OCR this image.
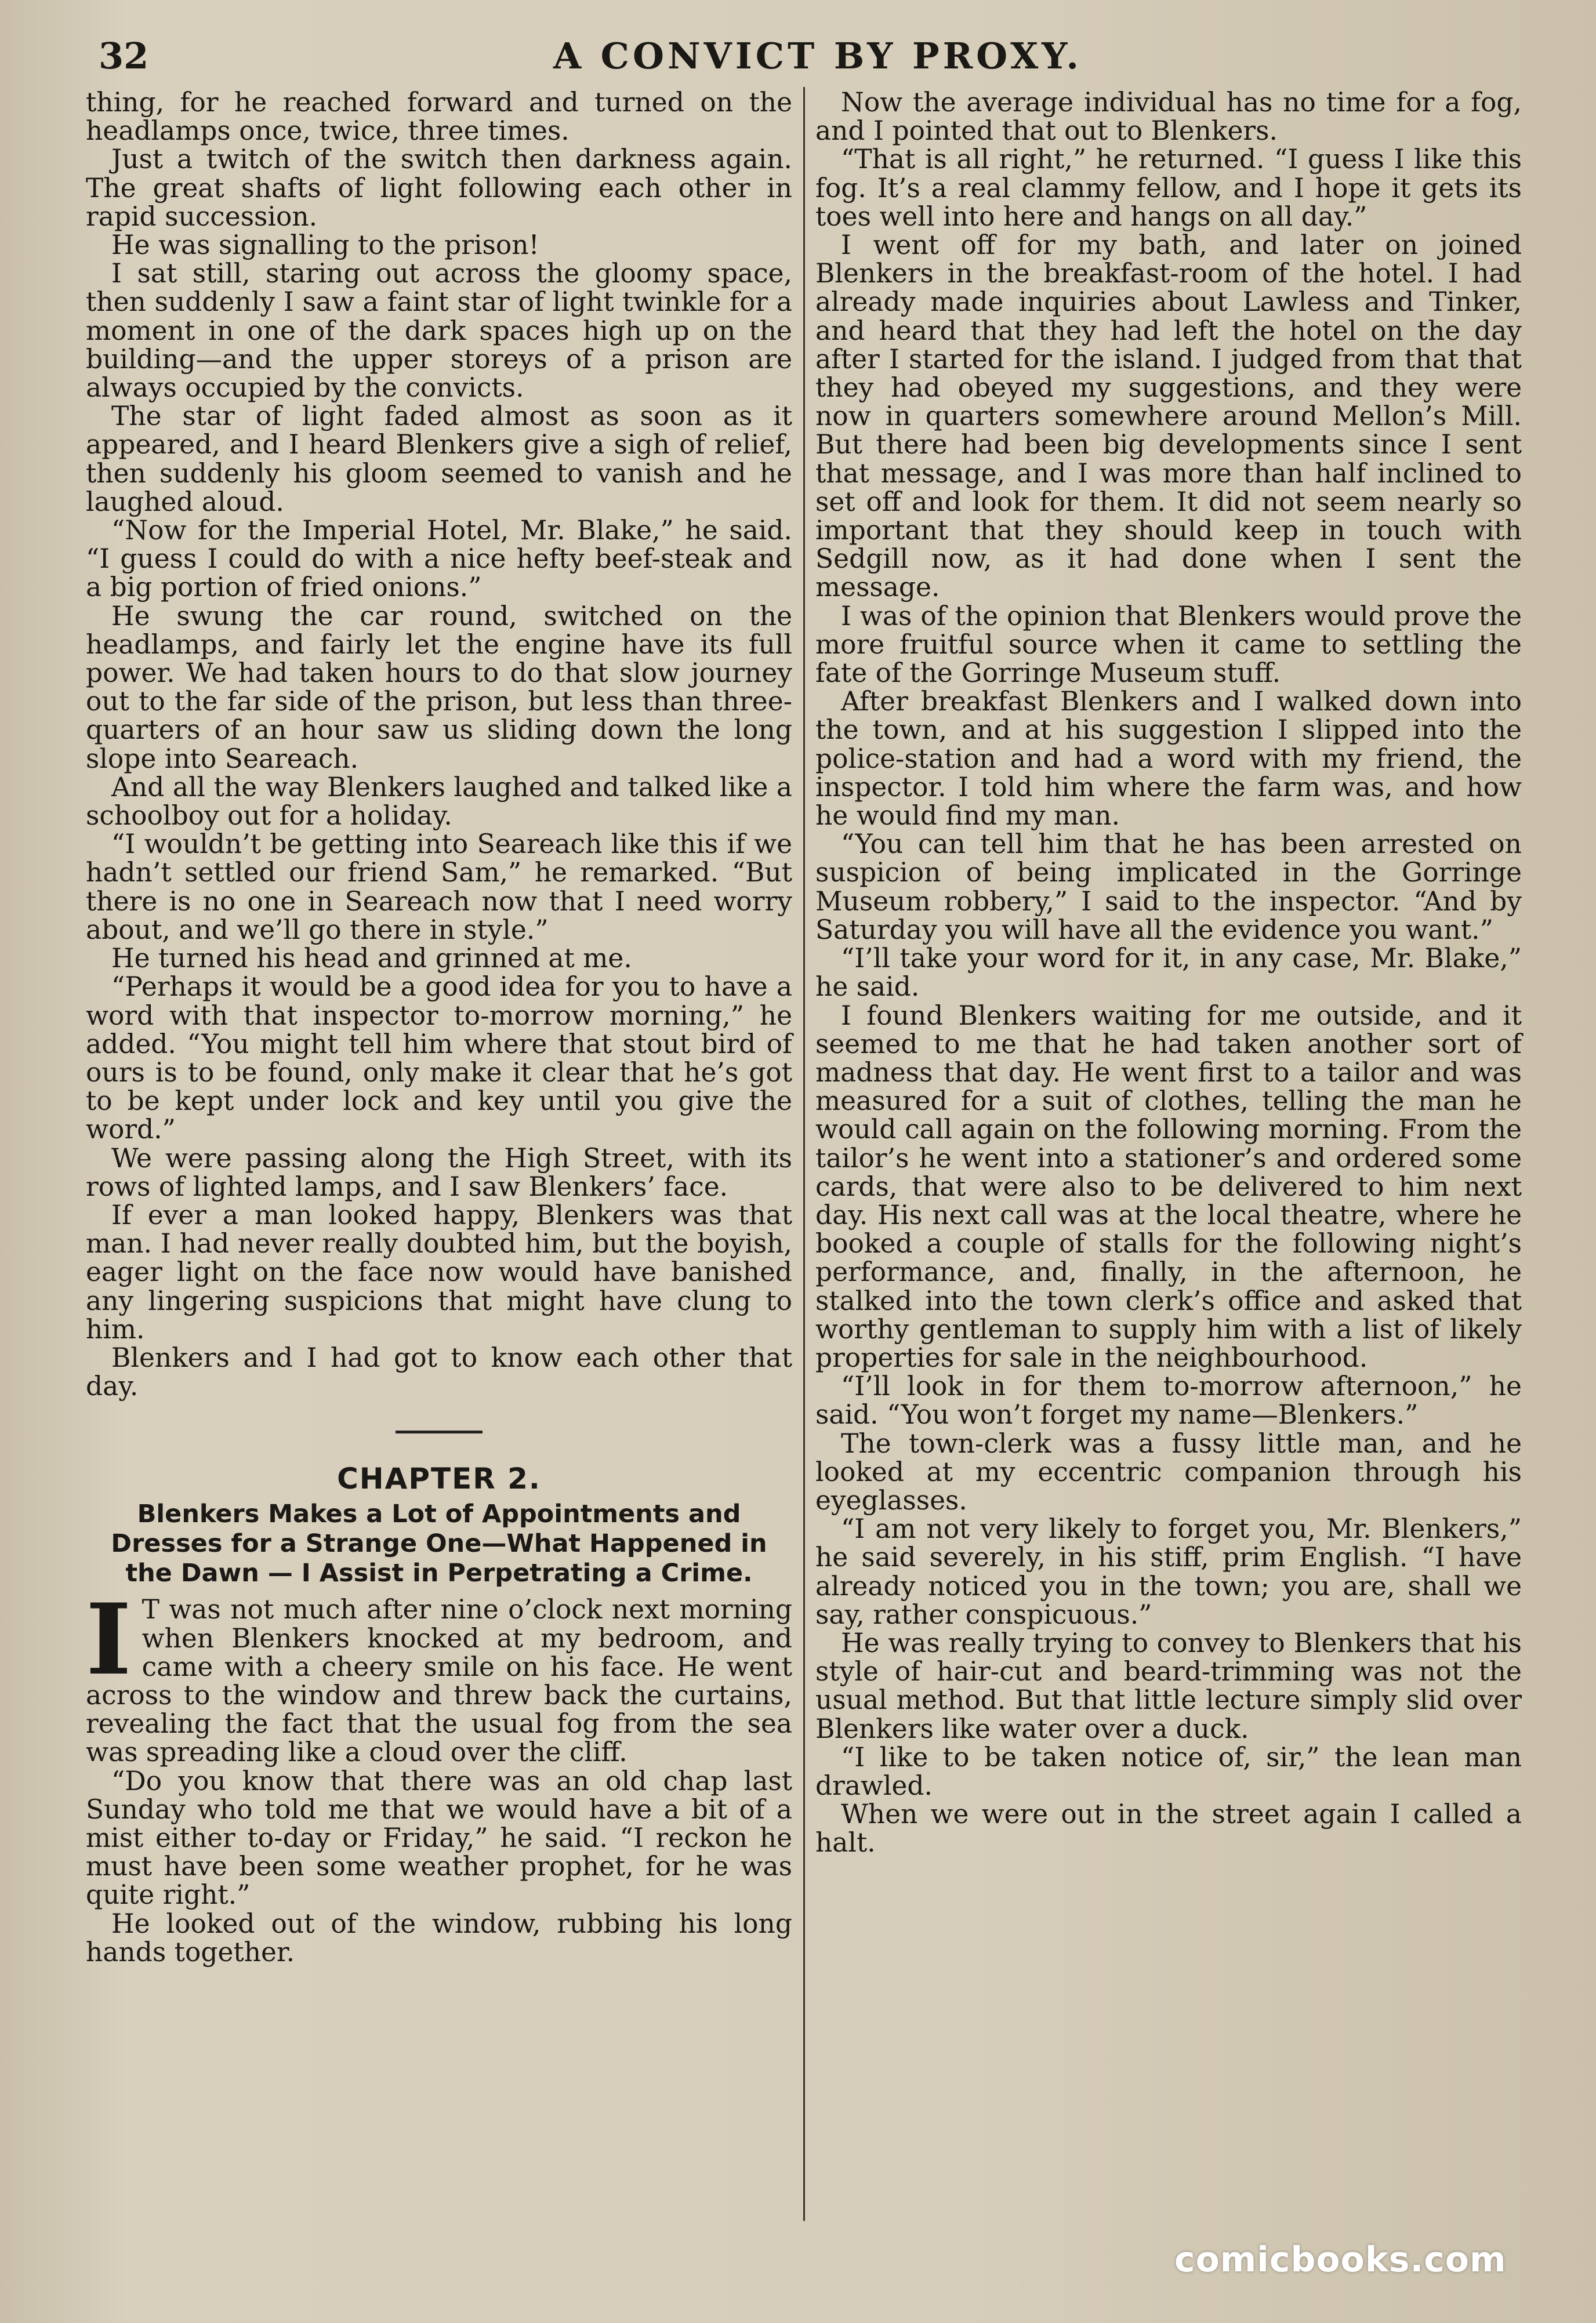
32	A CONVICT BY PROXY.

thing, for he reached forward and turned on the headlamps once, twice, three times.

Just a twitch of the switch then darkness again. The great shafts of light following each other in rapid succession.

He was signalling to the prison!

I sat still, staring out across the gloomy space, then suddenly I saw a faint star of light twinkle for a moment in one of the dark spaces high up on the building—and the upper storeys of a prison are always occupied by the convicts.

The star of light faded almost as soon as it appeared, and I heard Blenkers give a sigh of relief, then suddenly his gloom seemed to vanish and he laughed aloud.

“Now for the Imperial Hotel, Mr. Blake,” he said. “I guess I could do with a nice hefty beef-steak and a big portion of fried onions.”

He swung the car round, switched on the headlamps, and fairly let the engine have its full power. We had taken hours to do that slow journey out to the far side of the prison, but less than three-quarters of an hour saw us sliding down the long slope into Seareach.

And all the way Blenkers laughed and talked like a schoolboy out for a holiday.

“I wouldn’t be getting into Seareach like this if we hadn’t settled our friend Sam,” he remarked. “But there is no one in Seareach now that I need worry about, and we’ll go there in style.”

He turned his head and grinned at me.

“Perhaps it would be a good idea for you to have a word with that inspector to-morrow morning,” he added. “You might tell him where that stout bird of ours is to be found, only make it clear that he’s got to be kept under lock and key until you give the word.”

We were passing along the High Street, with its rows of lighted lamps, and I saw Blenkers’ face.

If ever a man looked happy, Blenkers was that man. I had never really doubted him, but the boyish, eager light on the face now would have banished any lingering suspicions that might have clung to him.

Blenkers and I had got to know each other that day.

CHAPTER 2.
Blenkers Makes a Lot of Appointments and Dresses for a Strange One—What Happened in the Dawn — I Assist in Perpetrating a Crime.

I T was not much after nine o’clock next morning when Blenkers knocked at my bedroom, and came with a cheery smile on his face. He went across to the window and threw back the curtains, revealing the fact that the usual fog from the sea was spreading like a cloud over the cliff.

“Do you know that there was an old chap last Sunday who told me that we would have a bit of a mist either to-day or Friday,” he said. “I reckon he must have been some weather prophet, for he was quite right.”

He looked out of the window, rubbing his long hands together.

Now the average individual has no time for a fog, and I pointed that out to Blenkers.

“That is all right,” he returned. “I guess I like this fog. It’s a real clammy fellow, and I hope it gets its toes well into here and hangs on all day.”

I went off for my bath, and later on joined Blenkers in the breakfast-room of the hotel. I had already made inquiries about Lawless and Tinker, and heard that they had left the hotel on the day after I started for the island. I judged from that that they had obeyed my suggestions, and they were now in quarters somewhere around Mellon’s Mill. But there had been big developments since I sent that message, and I was more than half inclined to set off and look for them. It did not seem nearly so important that they should keep in touch with Sedgill now, as it had done when I sent the message.

I was of the opinion that Blenkers would prove the more fruitful source when it came to settling the fate of the Gorringe Museum stuff.

After breakfast Blenkers and I walked down into the town, and at his suggestion I slipped into the police-station and had a word with my friend, the inspector. I told him where the farm was, and how he would find my man.

“You can tell him that he has been arrested on suspicion of being implicated in the Gorringe Museum robbery,” I said to the inspector. “And by Saturday you will have all the evidence you want.”

“I’ll take your word for it, in any case, Mr. Blake,” he said.

I found Blenkers waiting for me outside, and it seemed to me that he had taken another sort of madness that day. He went first to a tailor and was measured for a suit of clothes, telling the man he would call again on the following morning. From the tailor’s he went into a stationer’s and ordered some cards, that were also to be delivered to him next day. His next call was at the local theatre, where he booked a couple of stalls for the following night’s performance, and, finally, in the afternoon, he stalked into the town clerk’s office and asked that worthy gentleman to supply him with a list of likely properties for sale in the neighbourhood.

“I’ll look in for them to-morrow afternoon,” he said. “You won’t forget my name—Blenkers.”

The town-clerk was a fussy little man, and he looked at my eccentric companion through his eyeglasses.

“I am not very likely to forget you, Mr. Blenkers,” he said severely, in his stiff, prim English. “I have already noticed you in the town; you are, shall we say, rather conspicuous.”

He was really trying to convey to Blenkers that his style of hair-cut and beard-trimming was not the usual method. But that little lecture simply slid over Blenkers like water over a duck.

“I like to be taken notice of, sir,” the lean man drawled.

When we were out in the street again I called a halt.

comicbooks.com
